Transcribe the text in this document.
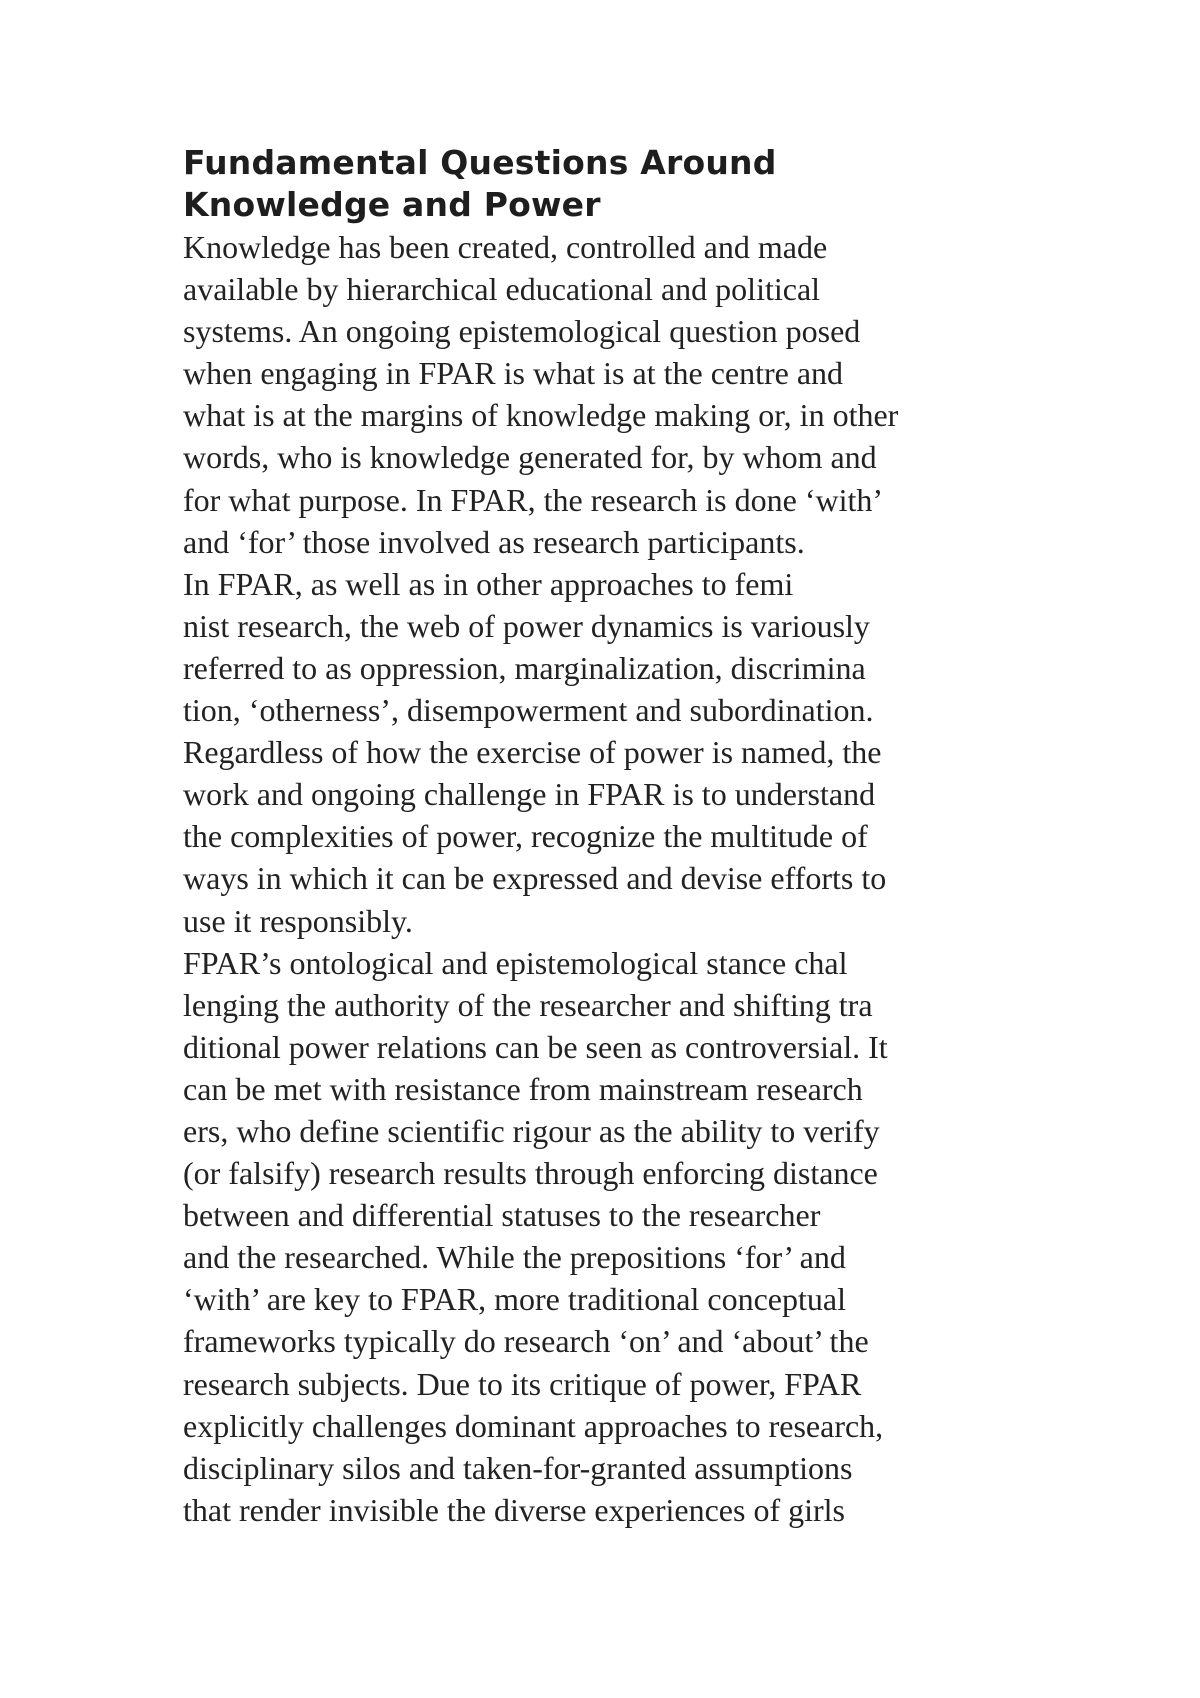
Fundamental Questions Around
Knowledge and Power
Knowledge has been created, controlled and made
available by hierarchical educational and political
systems. An ongoing epistemological question posed
when engaging in FPAR is what is at the centre and
what is at the margins of knowledge making or, in other
words, who is knowledge generated for, by whom and
for what purpose. In FPAR, the research is done ‘with’
and ‘for’ those involved as research participants.
In FPAR, as well as in other approaches to femi
nist research, the web of power dynamics is variously
referred to as oppression, marginalization, discrimina
tion, ‘otherness’, disempowerment and subordination.
Regardless of how the exercise of power is named, the
work and ongoing challenge in FPAR is to understand
the complexities of power, recognize the multitude of
ways in which it can be expressed and devise efforts to
use it responsibly.
FPAR’s ontological and epistemological stance chal
lenging the authority of the researcher and shifting tra
ditional power relations can be seen as controversial. It
can be met with resistance from mainstream research
ers, who define scientific rigour as the ability to verify
(or falsify) research results through enforcing distance
between and differential statuses to the researcher
and the researched. While the prepositions ‘for’ and
‘with’ are key to FPAR, more traditional conceptual
frameworks typically do research ‘on’ and ‘about’ the
research subjects. Due to its critique of power, FPAR
explicitly challenges dominant approaches to research,
disciplinary silos and taken-for-granted assumptions
that render invisible the diverse experiences of girls
